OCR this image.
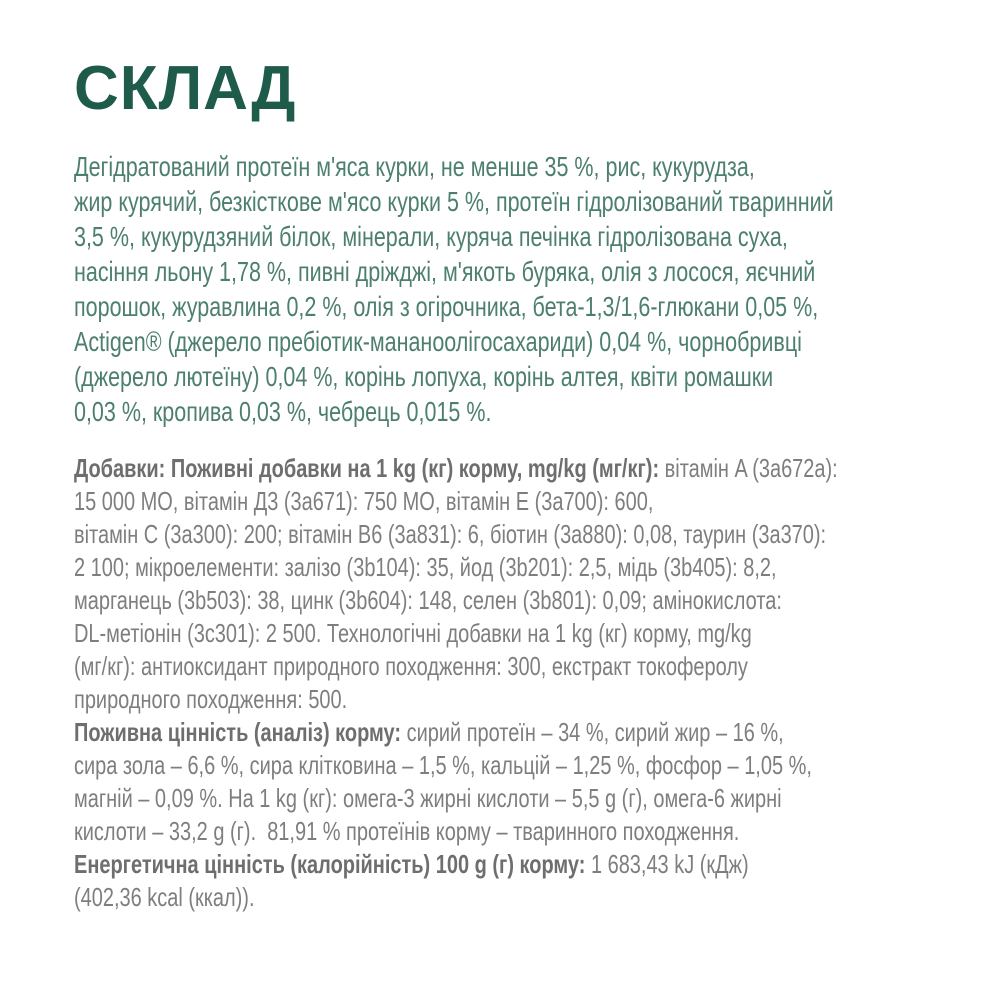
СКЛАД
Дегідратований протеїн м'яса курки, не менше 35 %, рис, кукурудза,
жир курячий, безкісткове м'ясо курки 5 %, протеїн гідролізований тваринний
3,5 %, кукурудзяний білок, мінерали, куряча печінка гідролізована суха,
насіння льону 1,78 %, пивні дріжджі, м'якоть буряка, олія з лосося, яєчний
порошок, журавлина 0,2 %, олія з огірочника, бета-1,3/1,6-глюкани 0,05 %,
Actigen® (джерело пребіотик-мананоолігосахариди) 0,04 %, чорнобривці
(джерело лютеїну) 0,04 %, корінь лопуха, корінь алтея, квіти ромашки
0,03 %, кропива 0,03 %, чебрець 0,015 %.
Добавки: Поживні добавки на 1 kg (кг) корму, mg/kg (мг/кг): вітамін A (3a672a):
15 000 МО, вітамін Д3 (3a671): 750 МО, вітамін E (3a700): 600,
вітамін C (3a300): 200; вітамін B6 (3a831): 6, біотин (3a880): 0,08, таурин (3a370):
2 100; мікроелементи: залізо (3b104): 35, йод (3b201): 2,5, мідь (3b405): 8,2,
марганець (3b503): 38, цинк (3b604): 148, селен (3b801): 0,09; амінокислота:
DL-метіонін (3c301): 2 500. Технологічні добавки на 1 kg (кг) корму, mg/kg
(мг/кг): антиоксидант природного походження: 300, екстракт токоферолу
природного походження: 500.
Поживна цінність (аналіз) корму: сирий протеїн – 34 %, сирий жир – 16 %,
сира зола – 6,6 %, сира клітковина – 1,5 %, кальцій – 1,25 %, фосфор – 1,05 %,
магній – 0,09 %. На 1 kg (кг): омега-3 жирні кислоти – 5,5 g (г), омега-6 жирні
кислоти – 33,2 g (г).  81,91 % протеїнів корму – тваринного походження.
Енергетична цінність (калорійність) 100 g (г) корму: 1 683,43 kJ (кДж)
(402,36 kcal (ккал)).
